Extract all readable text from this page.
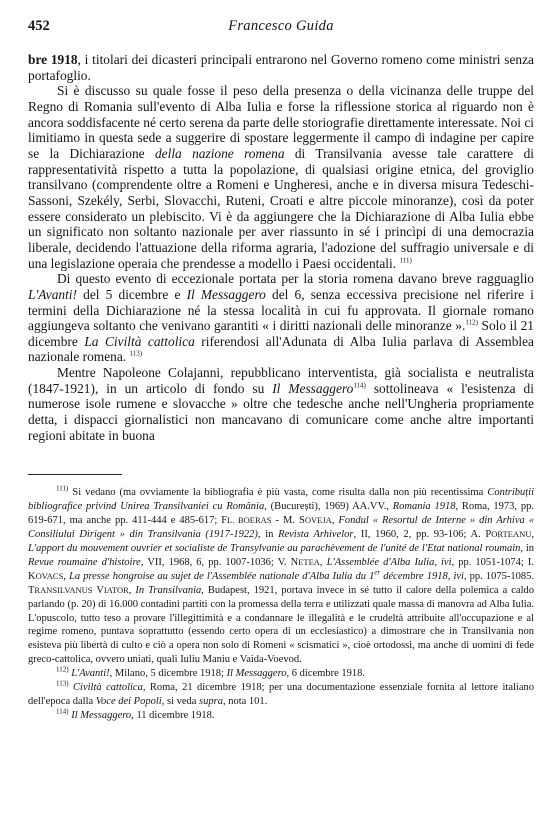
452	Francesco Guida

bre 1918, i titolari dei dicasteri principali entrarono nel Governo romeno come ministri senza portafoglio.

Si è discusso su quale fosse il peso della presenza o della vicinanza delle truppe del Regno di Romania sull'evento di Alba Iulia e forse la riflessione storica al riguardo non è ancora soddisfacente né certo serena da parte delle storiografie direttamente interessate. Noi ci limitiamo in questa sede a suggerire di spostare leggermente il campo di indagine per capire se la Dichiarazione della nazione romena di Transilvania avesse tale carattere di rappresentatività rispetto a tutta la popolazione, di qualsiasi origine etnica, del groviglio transilvano (comprendente oltre a Romeni e Ungheresi, anche e in diversa misura Tedeschi-Sassoni, Szekély, Serbi, Slovacchi, Ruteni, Croati e altre piccole minoranze), così da poter essere considerato un plebiscito. Vi è da aggiungere che la Dichiarazione di Alba Iulia ebbe un significato non soltanto nazionale per aver riassunto in sé i princìpi di una democrazia liberale, decidendo l'attuazione della riforma agraria, l'adozione del suffragio universale e di una legislazione operaia che prendesse a modello i Paesi occidentali. $^{111)}$

Di questo evento di eccezionale portata per la storia romena davano breve ragguaglio L'Avanti! del 5 dicembre e Il Messaggero del 6, senza eccessiva precisione nel riferire i termini della Dichiarazione né la stessa località in cui fu approvata. Il giornale romano aggiungeva soltanto che venivano garantiti « i diritti nazionali delle minoranze ».$^{112)}$ Solo il 21 dicembre La Civiltà cattolica riferendosi all'Adunata di Alba Iulia parlava di Assemblea nazionale romena. $^{113)}$

Mentre Napoleone Colajanni, repubblicano interventista, già socialista e neutralista (1847-1921), in un articolo di fondo su Il Messaggero$^{114)}$ sottolineava « l'esistenza di numerose isole rumene e slovacche » oltre che tedesche anche nell'Ungheria propriamente detta, i dispacci giornalistici non mancavano di comunicare come anche altre importanti regioni abitate in buona

$^{111)}$ Si vedano (ma ovviamente la bibliografia è più vasta, come risulta dalla non più recentissima Contribuții bibliografice privind Unirea Transilvaniei cu România, (București), 1969) AA.VV., Romania 1918, Roma, 1973, pp. 619-671, ma anche pp. 411-444 e 485-617; FL. BOERAS - M. SOVEJA, Fondul « Resortul de Interne » din Arhiva « Consiliului Dirigent » din Transilvania (1917-1922), in Revista Arhivelor, II, 1960, 2, pp. 93-106; A. PORTEANU, L'apport du mouvement ouvrier et socialiste de Transylvanie au parachèvement de l'unité de l'Etat national roumain, in Revue roumaine d'histoire, VII, 1968, 6, pp. 1007-1036; V. NETEA, L'Assemblée d'Alba Iulia, ivi, pp. 1051-1074; I. KOVACS, La presse hongroise au sujet de l'Assemblée nationale d'Alba Iulia du 1er décembre 1918, ivi, pp. 1075-1085. TRANSILVANUS VIATOR, In Transilvania, Budapest, 1921, portava invece in sé tutto il calore della polemica a caldo parlando (p. 20) di 16.000 contadini partiti con la promessa della terra e utilizzati quale massa di manovra ad Alba Iulia. L'opuscolo, tutto teso a provare l'illegittimità e a condannare le illegalità e le crudeltà attribuite all'occupazione e al regime romeno, puntava soprattutto (essendo certo opera di un ecclesiastico) a dimostrare che in Transilvania non esisteva più libertà di culto e ciò a opera non solo di Romeni « scismatici », cioè ortodossi, ma anche di uomini di fede greco-cattolica, ovvero uniati, quali Iuliu Maniu e Vaida-Voevod.

$^{112)}$ L'Avanti!, Milano, 5 dicembre 1918; Il Messaggero, 6 dicembre 1918.

$^{113)}$ Civiltà cattolica, Roma, 21 dicembre 1918; per una documentazione essenziale fornita al lettore italiano dell'epoca dalla Voce dei Popoli, si veda supra, nota 101.

$^{114)}$ Il Messaggero, 11 dicembre 1918.
